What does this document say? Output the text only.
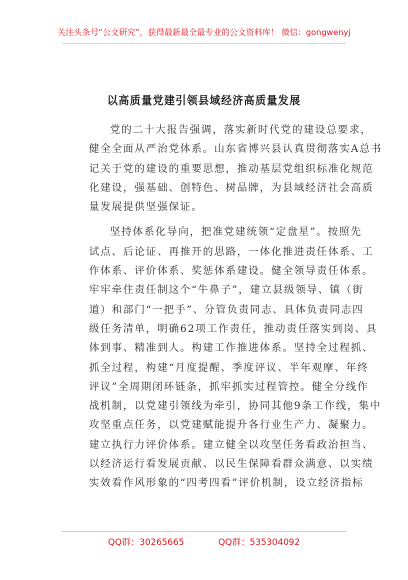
关注头条号“公文研究”，获得最新最全最专业的公文资料库！ 微信：gongwenyj
以高质量党建引领县域经济高质量发展
党的二十大报告强调，落实新时代党的建设总要求，
健全全面从严治党体系。山东省博兴县认真贯彻落实A总书
记关于党的建设的重要思想，推动基层党组织标准化规范
化建设，强基础、创特色、树品牌，为县域经济社会高质
量发展提供坚强保证。
坚持体系化导向，把准党建统领“定盘星”。按照先
试点、后论证、再推开的思路，一体化推进责任体系、工
作体系、评价体系、奖惩体系建设。健全领导责任体系。
牢牢牵住责任制这个“牛鼻子”，建立县级领导、镇（街
道）和部门“一把手”、分管负责同志、具体负责同志四
级任务清单，明确62项工作责任，推动责任落实到岗、具
体到事、精准到人。构建工作推进体系。坚持全过程抓、
抓全过程，构建“月度提醒、季度评议、半年观摩、年终
评议”全周期闭环链条，抓牢抓实过程管控。健全分线作
战机制，以党建引领线为牵引，协同其他9条工作线，集中
攻坚重点任务，以党建赋能提升各行业生产力、凝聚力。
建立执行力评价体系。建立健全以攻坚任务看政治担当、
以经济运行看发展贡献、以民生保障看群众满意、以实绩
实效看作风形象的“四考四看”评价机制，设立经济指标
QQ群：30265665	QQ群：535304092
